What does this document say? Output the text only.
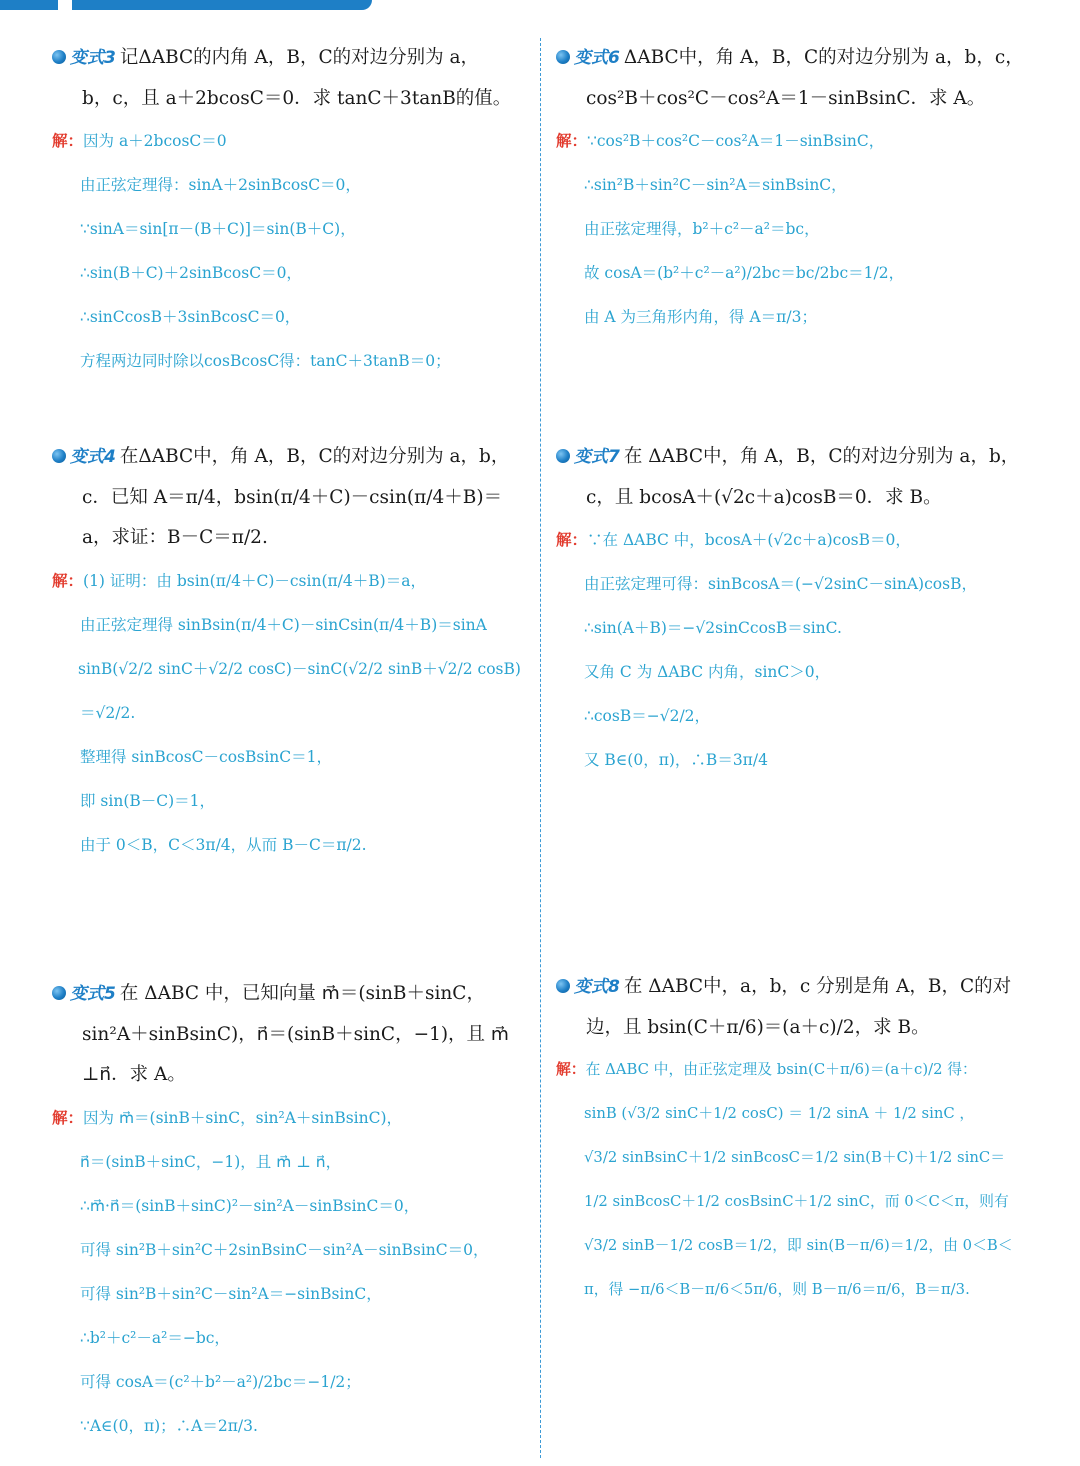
变式3 记ΔABC的内角 A，B，C的对边分别为 a，
b，c，且 a＋2bcosC＝0．求 tanC＋3tanB的值。
解：因为 a＋2bcosC＝0
由正弦定理得：sinA＋2sinBcosC＝0，
∵sinA＝sin[π－(B＋C)]＝sin(B＋C)，
∴sin(B＋C)＋2sinBcosC＝0，
∴sinCcosB＋3sinBcosC＝0，
方程两边同时除以cosBcosC得：tanC＋3tanB＝0；
变式4 在ΔABC中，角 A，B，C的对边分别为 a，b，
c．已知 A＝π/4，bsin(π/4＋C)－csin(π/4＋B)＝
a，求证：B－C＝π/2.
解：(1) 证明：由 bsin(π/4＋C)－csin(π/4＋B)＝a，
由正弦定理得 sinBsin(π/4＋C)－sinCsin(π/4＋B)＝sinA
sinB(√2/2 sinC＋√2/2 cosC)－sinC(√2/2 sinB＋√2/2 cosB)
＝√2/2.
整理得 sinBcosC－cosBsinC＝1，
即 sin(B－C)＝1，
由于 0＜B，C＜3π/4，从而 B－C＝π/2.
变式5 在 ΔABC 中，已知向量 m⃗＝(sinB＋sinC，
sin²A＋sinBsinC)，n⃗＝(sinB＋sinC，−1)，且 m⃗
⊥n⃗．求 A。
解：因为 m⃗＝(sinB＋sinC，sin²A＋sinBsinC)，
n⃗＝(sinB＋sinC，−1)，且 m⃗ ⊥ n⃗，
∴m⃗·n⃗＝(sinB＋sinC)²－sin²A－sinBsinC＝0，
可得 sin²B＋sin²C＋2sinBsinC－sin²A－sinBsinC＝0，
可得 sin²B＋sin²C－sin²A＝−sinBsinC，
∴b²＋c²－a²＝−bc，
可得 cosA＝(c²＋b²－a²)/2bc＝−1/2；
∵A∈(0，π)；∴A＝2π/3.
变式6 ΔABC中，角 A，B，C的对边分别为 a，b，c，
cos²B＋cos²C－cos²A＝1－sinBsinC．求 A。
解：∵cos²B＋cos²C－cos²A＝1－sinBsinC，
∴sin²B＋sin²C－sin²A＝sinBsinC，
由正弦定理得，b²＋c²－a²＝bc，
故 cosA＝(b²＋c²－a²)/2bc＝bc/2bc＝1/2，
由 A 为三角形内角，得 A＝π/3；
变式7 在 ΔABC中，角 A，B，C的对边分别为 a，b，
c，且 bcosA＋(√2c＋a)cosB＝0．求 B。
解：∵在 ΔABC 中，bcosA＋(√2c＋a)cosB＝0，
由正弦定理可得：sinBcosA＝(−√2sinC－sinA)cosB，
∴sin(A＋B)＝−√2sinCcosB＝sinC.
又角 C 为 ΔABC 内角，sinC＞0，
∴cosB＝−√2/2，
又 B∈(0，π)，∴B＝3π/4
变式8 在 ΔABC中，a，b，c 分别是角 A，B，C的对
边，且 bsin(C＋π/6)＝(a＋c)/2，求 B。
解：在 ΔABC 中，由正弦定理及 bsin(C＋π/6)＝(a＋c)/2 得：
sinB (√3/2 sinC＋1/2 cosC) ＝ 1/2 sinA ＋ 1/2 sinC ，
√3/2 sinBsinC＋1/2 sinBcosC＝1/2 sin(B＋C)＋1/2 sinC＝
1/2 sinBcosC＋1/2 cosBsinC＋1/2 sinC，而 0＜C＜π，则有
√3/2 sinB－1/2 cosB＝1/2，即 sin(B－π/6)＝1/2，由 0＜B＜
π，得 −π/6＜B－π/6＜5π/6，则 B－π/6＝π/6，B＝π/3.
